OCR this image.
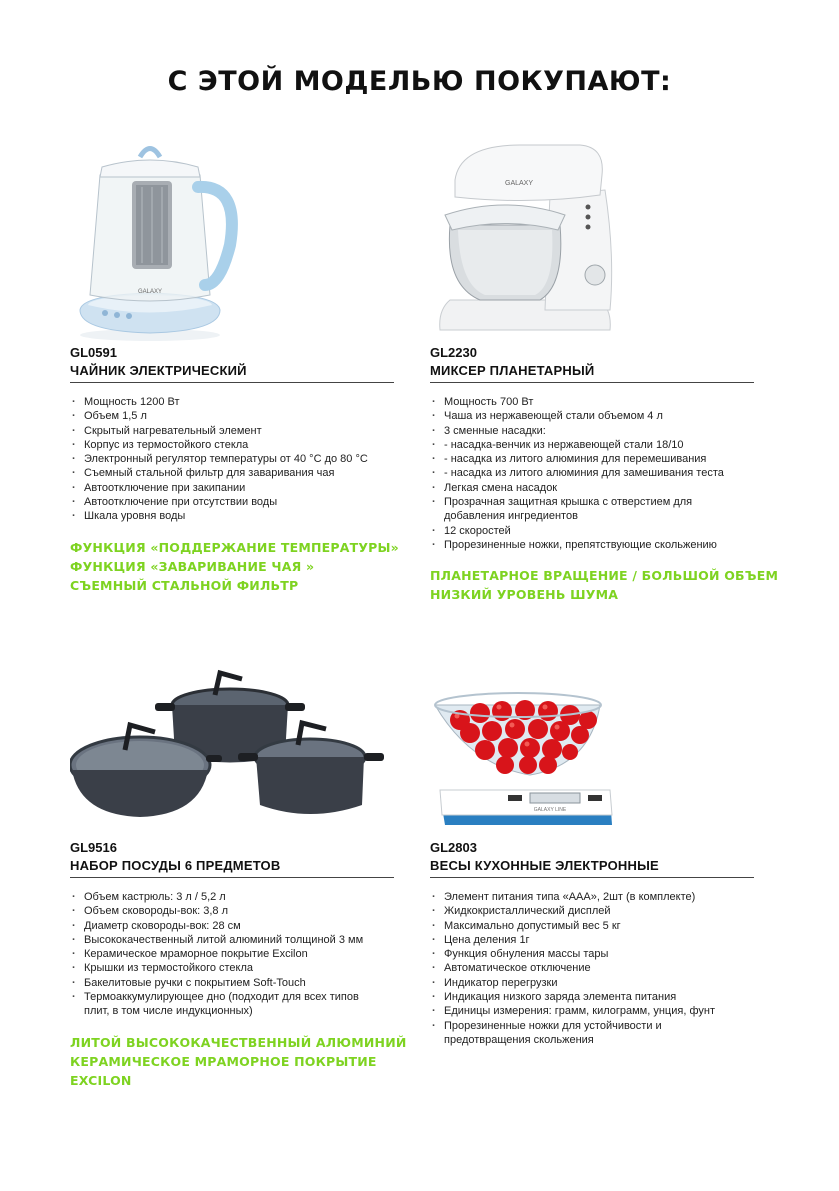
С ЭТОЙ МОДЕЛЬЮ ПОКУПАЮТ:
GALAXY

GL0591

ЧАЙНИК ЭЛЕКТРИЧЕСКИЙ

· Мощность 1200 Вт
· Объем 1,5 л
· Скрытый нагревательный элемент
· Корпус из термостойкого стекла
· Электронный регулятор температуры от 40 °С до 80 °С
· Съемный стальной фильтр для заваривания чая
· Автоотключение при закипании
· Автоотключение при отсутствии воды
· Шкала уровня воды
ФУНКЦИЯ «ПОДДЕРЖАНИЕ ТЕМПЕРАТУРЫ»
ФУНКЦИЯ «ЗАВАРИВАНИЕ ЧАЯ »
СЪЕМНЫЙ СТАЛЬНОЙ ФИЛЬТР
GALAXY

GL2230

МИКСЕР ПЛАНЕТАРНЫЙ

· Мощность 700 Вт
· Чаша из нержавеющей стали объемом 4 л
· 3 сменные насадки:
· - насадка-венчик из нержавеющей стали 18/10
· - насадка из литого алюминия для перемешивания
· - насадка из литого алюминия для замешивания теста
· Легкая смена насадок
· Прозрачная защитная крышка с отверстием для добавления ингредиентов
· 12 скоростей
· Прорезиненные ножки, препятствующие скольжению
ПЛАНЕТАРНОЕ ВРАЩЕНИЕ / БОЛЬШОЙ ОБЪЕМ
НИЗКИЙ УРОВЕНЬ ШУМА

GL9516

НАБОР ПОСУДЫ 6 ПРЕДМЕТОВ

· Объем кастрюль: 3 л / 5,2 л
· Объем сковороды-вок: 3,8 л
· Диаметр сковороды-вок: 28 см
· Высококачественный литой алюминий толщиной 3 мм
· Керамическое мраморное покрытие Excilon
· Крышки из термостойкого стекла
· Бакелитовые ручки с покрытием Soft-Touch
· Термоаккумулирующее дно (подходит для всех типов плит, в том числе индукционных)
ЛИТОЙ ВЫСОКОКАЧЕСТВЕННЫЙ АЛЮМИНИЙ
КЕРАМИЧЕСКОЕ МРАМОРНОЕ ПОКРЫТИЕ
EXCILON
GALAXY LINE

GL2803

ВЕСЫ КУХОННЫЕ ЭЛЕКТРОННЫЕ

· Элемент питания типа «AAA», 2шт (в комплекте)
· Жидкокристаллический дисплей
· Максимально допустимый вес 5 кг
· Цена деления 1г
· Функция обнуления массы тары
· Автоматическое отключение
· Индикатор перегрузки
· Индикация низкого заряда элемента питания
· Единицы измерения: грамм, килограмм, унция, фунт
· Прорезиненные ножки для устойчивости и предотвращения скольжения
